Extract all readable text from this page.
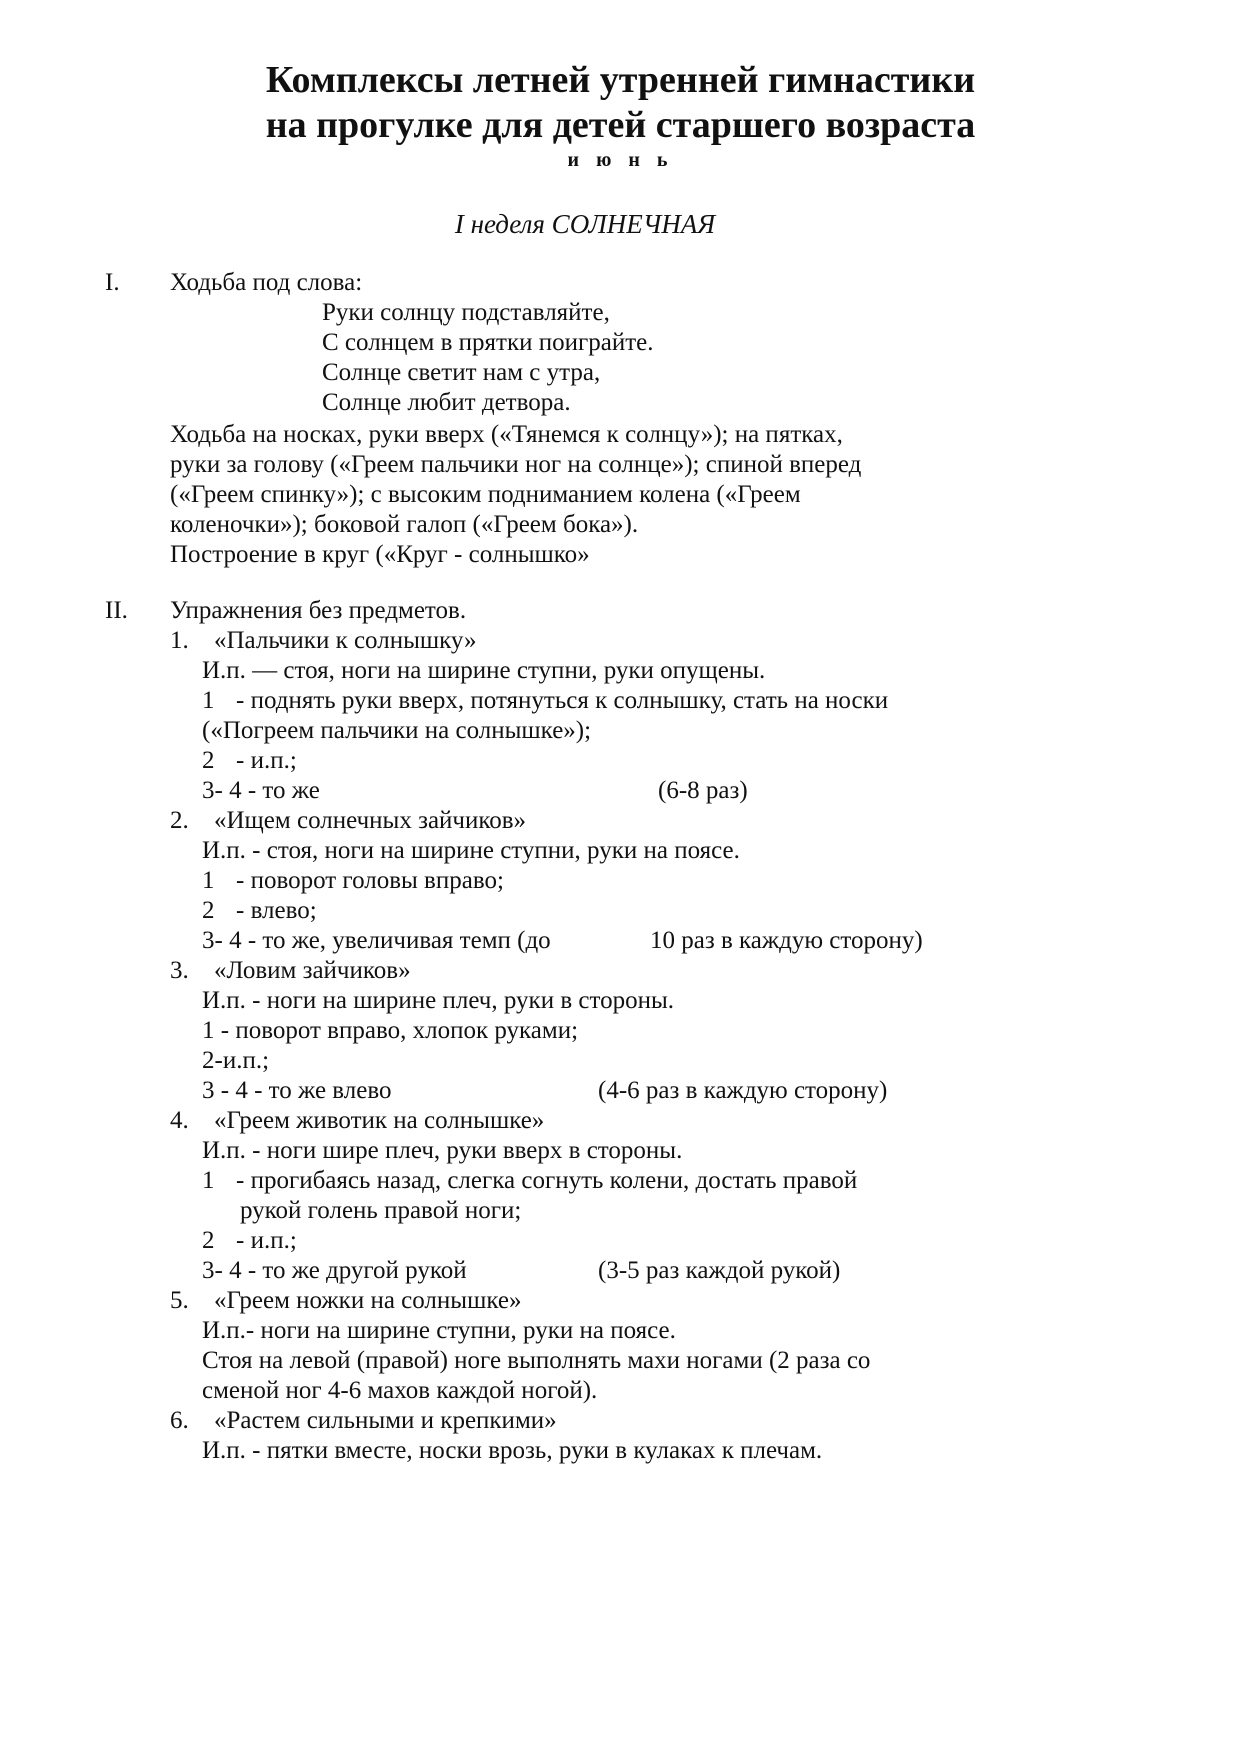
Комплексы летней утренней гимнастики
на прогулке для детей старшего возраста
и ю н ь
I неделя СОЛНЕЧНАЯ
I. Ходьба под слова:
Руки солнцу подставляйте,
С солнцем в прятки поиграйте.
Солнце светит нам с утра,
Солнце любит детвора.
Ходьба на носках, руки вверх («Тянемся к солнцу»); на пятках,
руки за голову («Греем пальчики ног на солнце»); спиной вперед
(«Греем спинку»); с высоким подниманием колена («Греем
коленочки»); боковой галоп («Греем бока»).
Построение в круг («Круг - солнышко»
II. Упражнения без предметов.
1. «Пальчики к солнышку»
И.п. — стоя, ноги на ширине ступни, руки опущены.
1 - поднять руки вверх, потянуться к солнышку, стать на носки
(«Погреем пальчики на солнышке»);
2 - и.п.;
3- 4 - то же	(6-8 раз)
2. «Ищем солнечных зайчиков»
И.п. - стоя, ноги на ширине ступни, руки на поясе.
1 - поворот головы вправо;
2 - влево;
3- 4 - то же, увеличивая темп (до	10 раз в каждую сторону)
3. «Ловим зайчиков»
И.п. - ноги на ширине плеч, руки в стороны.
1 - поворот вправо, хлопок руками;
2-и.п.;
3 - 4 - то же влево	(4-6 раз в каждую сторону)
4. «Греем животик на солнышке»
И.п. - ноги шире плеч, руки вверх в стороны.
1 - прогибаясь назад, слегка согнуть колени, достать правой
рукой голень правой ноги;
2 - и.п.;
3- 4 - то же другой рукой	(3-5 раз каждой рукой)
5. «Греем ножки на солнышке»
И.п.- ноги на ширине ступни, руки на поясе.
Стоя на левой (правой) ноге выполнять махи ногами (2 раза со
сменой ног 4-6 махов каждой ногой).
6. «Растем сильными и крепкими»
И.п. - пятки вместе, носки врозь, руки в кулаках к плечам.
